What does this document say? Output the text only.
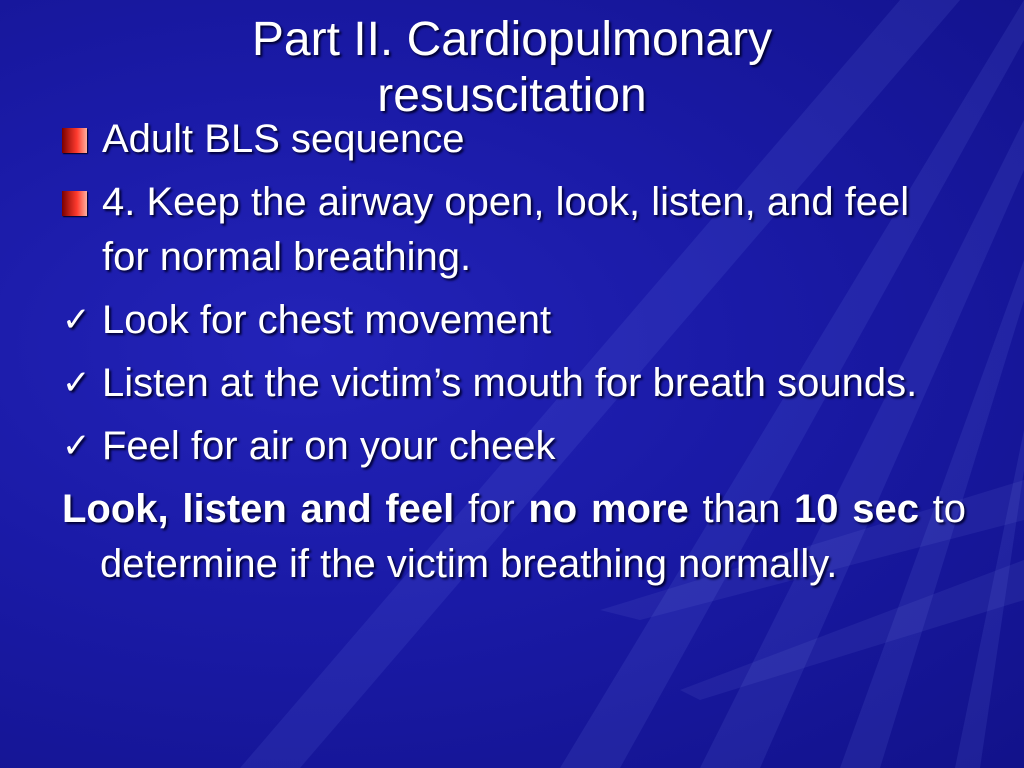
Part II. Cardiopulmonary
resuscitation
Adult BLS sequence
4. Keep the airway open, look, listen, and feel for normal breathing.
✓ Look for chest movement
✓ Listen at the victim’s mouth for breath sounds.
✓ Feel for air on your cheek
Look, listen and feel for no more than 10 sec to determine if the victim breathing normally.
